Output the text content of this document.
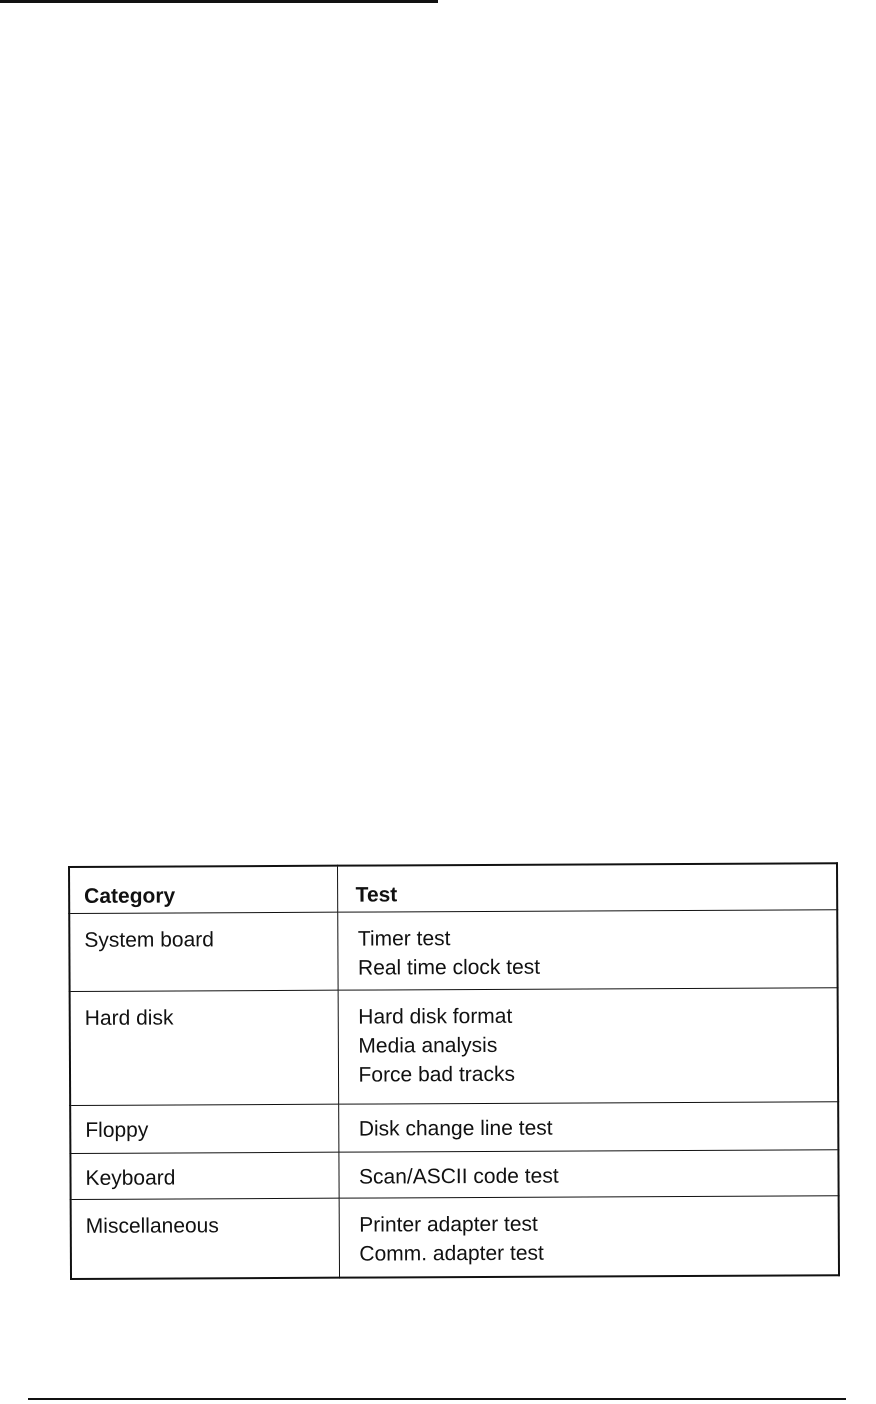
Category	Test
System board	Timer test
Real time clock test

Hard disk	Hard disk format
Media analysis
Force bad tracks

Floppy	Disk change line test

Keyboard	Scan/ASCII code test

Miscellaneous	Printer adapter test
Comm. adapter test
